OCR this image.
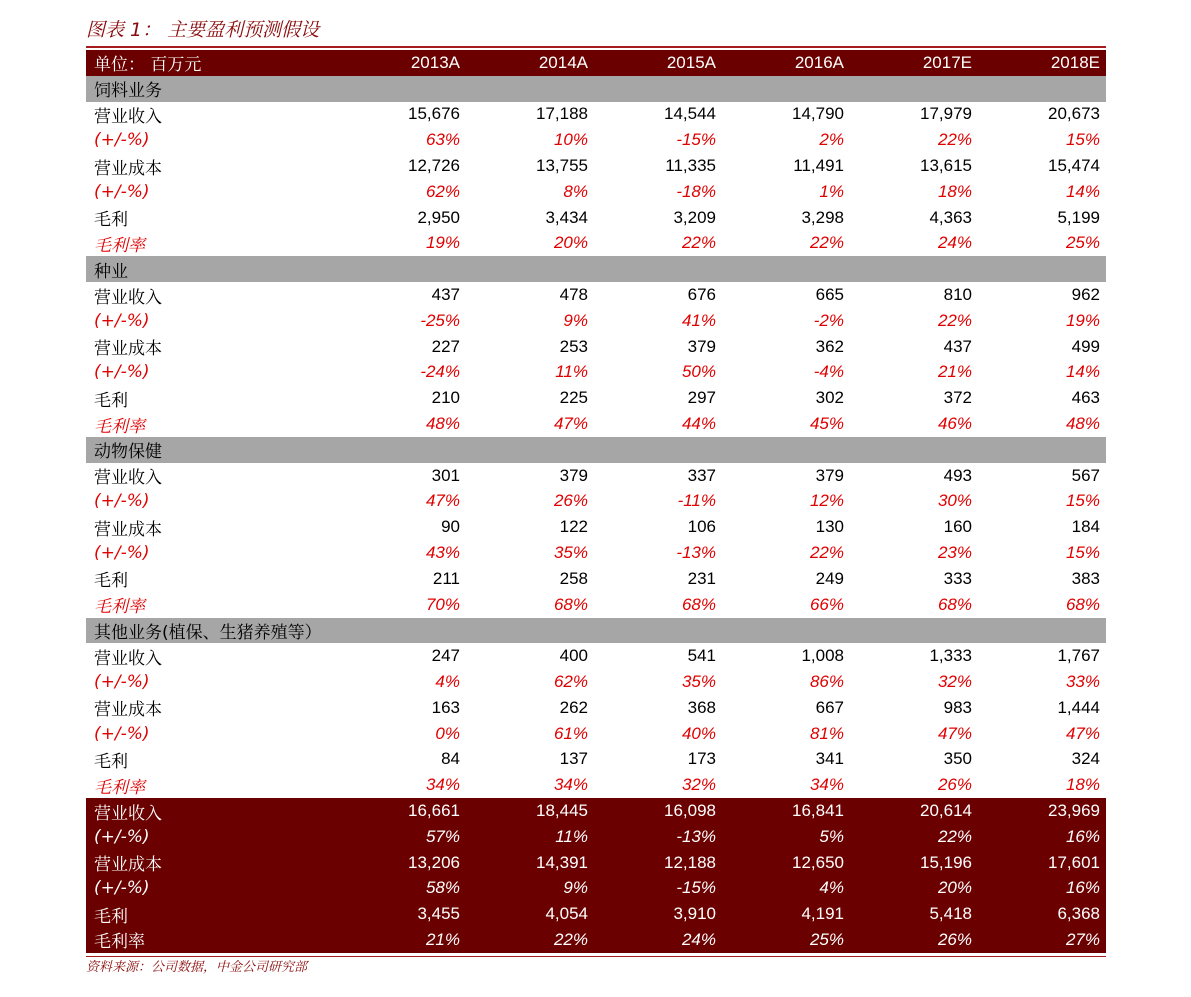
图表 1： 主要盈利预测假设
单位： 百万元	2013A	2014A	2015A	2016A	2017E	2018E
饲料业务						
营业收入	15,676	17,188	14,544	14,790	17,979	20,673
(+/-%)	63%	10%	-15%	2%	22%	15%
营业成本	12,726	13,755	11,335	11,491	13,615	15,474
(+/-%)	62%	8%	-18%	1%	18%	14%
毛利	2,950	3,434	3,209	3,298	4,363	5,199
毛利率	19%	20%	22%	22%	24%	25%
种业						
营业收入	437	478	676	665	810	962
(+/-%)	-25%	9%	41%	-2%	22%	19%
营业成本	227	253	379	362	437	499
(+/-%)	-24%	11%	50%	-4%	21%	14%
毛利	210	225	297	302	372	463
毛利率	48%	47%	44%	45%	46%	48%
动物保健						
营业收入	301	379	337	379	493	567
(+/-%)	47%	26%	-11%	12%	30%	15%
营业成本	90	122	106	130	160	184
(+/-%)	43%	35%	-13%	22%	23%	15%
毛利	211	258	231	249	333	383
毛利率	70%	68%	68%	66%	68%	68%
其他业务(植保、生猪养殖等）						
营业收入	247	400	541	1,008	1,333	1,767
(+/-%)	4%	62%	35%	86%	32%	33%
营业成本	163	262	368	667	983	1,444
(+/-%)	0%	61%	40%	81%	47%	47%
毛利	84	137	173	341	350	324
毛利率	34%	34%	32%	34%	26%	18%
营业收入	16,661	18,445	16,098	16,841	20,614	23,969
(+/-%)	57%	11%	-13%	5%	22%	16%
营业成本	13,206	14,391	12,188	12,650	15,196	17,601
(+/-%)	58%	9%	-15%	4%	20%	16%
毛利	3,455	4,054	3,910	4,191	5,418	6,368
毛利率	21%	22%	24%	25%	26%	27%
资料来源：公司数据，中金公司研究部
